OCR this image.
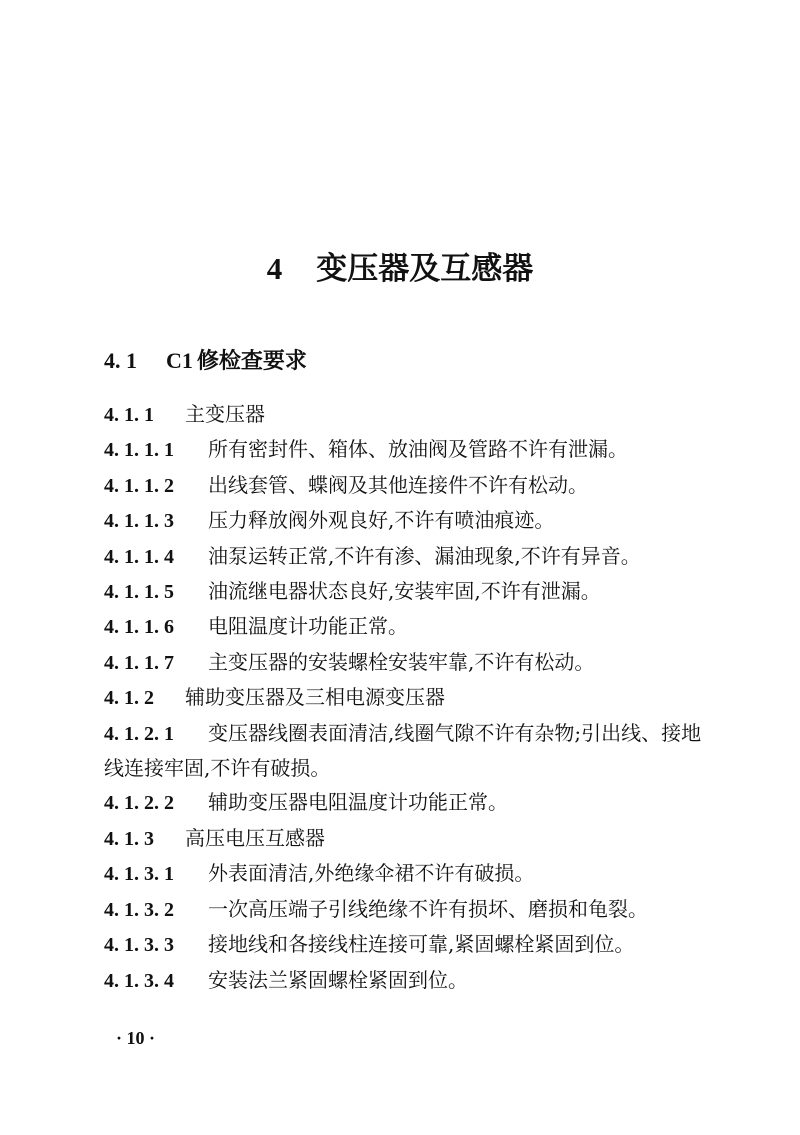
4 变压器及互感器
4. 1 C1 修检查要求

4. 1. 1 主变压器

4. 1. 1. 1 所有密封件、箱体、放油阀及管路不许有泄漏。

4. 1. 1. 2 出线套管、蝶阀及其他连接件不许有松动。

4. 1. 1. 3 压力释放阀外观良好,不许有喷油痕迹。

4. 1. 1. 4 油泵运转正常,不许有渗、漏油现象,不许有异音。

4. 1. 1. 5 油流继电器状态良好,安装牢固,不许有泄漏。

4. 1. 1. 6 电阻温度计功能正常。

4. 1. 1. 7 主变压器的安装螺栓安装牢靠,不许有松动。

4. 1. 2 辅助变压器及三相电源变压器

4. 1. 2. 1 变压器线圈表面清洁,线圈气隙不许有杂物;引出线、接地线连接牢固,不许有破损。

4. 1. 2. 2 辅助变压器电阻温度计功能正常。

4. 1. 3 高压电压互感器

4. 1. 3. 1 外表面清洁,外绝缘伞裙不许有破损。

4. 1. 3. 2 一次高压端子引线绝缘不许有损坏、磨损和龟裂。

4. 1. 3. 3 接地线和各接线柱连接可靠,紧固螺栓紧固到位。

4. 1. 3. 4 安装法兰紧固螺栓紧固到位。

· 10 ·
